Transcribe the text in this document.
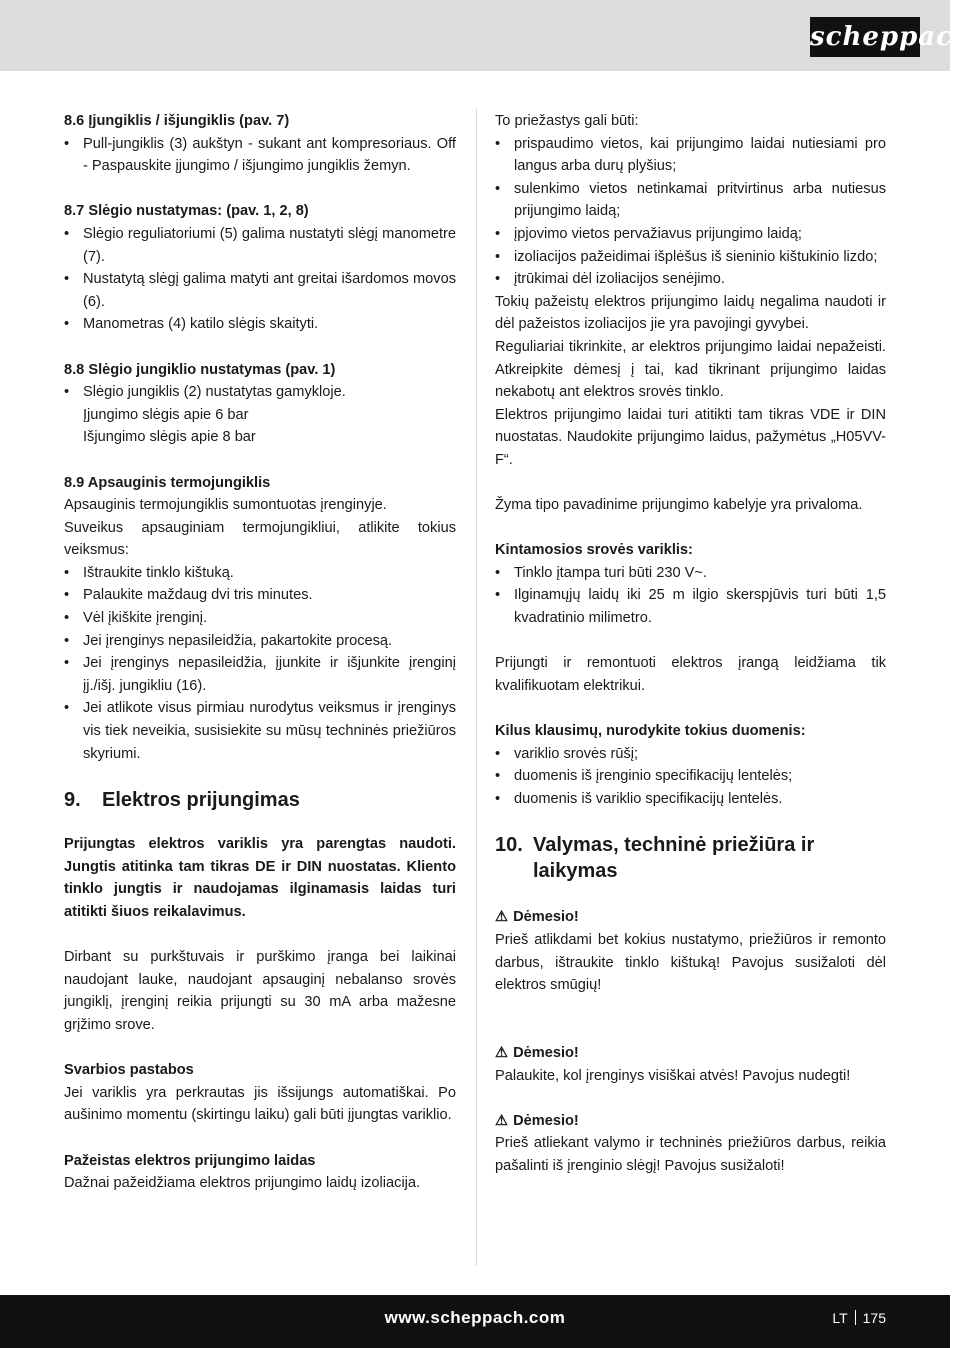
scheppach

8.6 Įjungiklis / išjungiklis (pav. 7)

• Pull-jungiklis (3) aukštyn - sukant ant kompresoriaus. Off - Paspauskite įjungimo / išjungimo jungiklis žemyn.

8.7 Slėgio nustatymas: (pav. 1, 2, 8)

• Slėgio reguliatoriumi (5) galima nustatyti slėgį manometre (7).
• Nustatytą slėgį galima matyti ant greitai išardomos movos (6).
• Manometras (4) katilo slėgis skaityti.

8.8 Slėgio jungiklio nustatymas (pav. 1)

• Slėgio jungiklis (2) nustatytas gamykloje.

Įjungimo slėgis apie 6 bar

Išjungimo slėgis apie 8 bar

8.9 Apsauginis termojungiklis

Apsauginis termojungiklis sumontuotas įrenginyje.

Suveikus apsauginiam termojungikliui, atlikite tokius veiksmus:

• Ištraukite tinklo kištuką.
• Palaukite maždaug dvi tris minutes.
• Vėl įkiškite įrenginį.
• Jei įrenginys nepasileidžia, pakartokite procesą.
• Jei įrenginys nepasileidžia, įjunkite ir išjunkite įrenginį įj./išj. jungikliu (16).
• Jei atlikote visus pirmiau nurodytus veiksmus ir įrenginys vis tiek neveikia, susisiekite su mūsų techninės priežiūros skyriumi.
9.	Elektros prijungimas

Prijungtas elektros variklis yra parengtas naudoti. Jungtis atitinka tam tikras DE ir DIN nuostatas. Kliento tinklo jungtis ir naudojamas ilginamasis laidas turi atitikti šiuos reikalavimus.

Dirbant su purkštuvais ir purškimo įranga bei laikinai naudojant lauke, naudojant apsauginį nebalanso srovės jungiklį, įrenginį reikia prijungti su 30 mA arba mažesne grįžimo srove.

Svarbios pastabos

Jei variklis yra perkrautas jis išsijungs automatiškai. Po aušinimo momentu (skirtingu laiku) gali būti įjungtas variklio.

Pažeistas elektros prijungimo laidas

Dažnai pažeidžiama elektros prijungimo laidų izoliacija.

To priežastys gali būti:

• prispaudimo vietos, kai prijungimo laidai nutiesiami pro langus arba durų plyšius;
• sulenkimo vietos netinkamai pritvirtinus arba nutiesus prijungimo laidą;
• įpjovimo vietos pervažiavus prijungimo laidą;
• izoliacijos pažeidimai išplėšus iš sieninio kištukinio lizdo;
• įtrūkimai dėl izoliacijos senėjimo.

Tokių pažeistų elektros prijungimo laidų negalima naudoti ir dėl pažeistos izoliacijos jie yra pavojingi gyvybei.

Reguliariai tikrinkite, ar elektros prijungimo laidai nepažeisti. Atkreipkite dėmesį į tai, kad tikrinant prijungimo laidas nekabotų ant elektros srovės tinklo.

Elektros prijungimo laidai turi atitikti tam tikras VDE ir DIN nuostatas. Naudokite prijungimo laidus, pažymėtus „H05VV-F“.

Žyma tipo pavadinime prijungimo kabelyje yra privaloma.

Kintamosios srovės variklis:

• Tinklo įtampa turi būti 230 V~.
• Ilginamųjų laidų iki 25 m ilgio skerspjūvis turi būti 1,5 kvadratinio milimetro.

Prijungti ir remontuoti elektros įrangą leidžiama tik kvalifikuotam elektrikui.

Kilus klausimų, nurodykite tokius duomenis:

• variklio srovės rūšį;
• duomenis iš įrenginio specifikacijų lentelės;
• duomenis iš variklio specifikacijų lentelės.
10. Valymas, techninė priežiūra ir laikymas

⚠ Dėmesio!

Prieš atlikdami bet kokius nustatymo, priežiūros ir remonto darbus, ištraukite tinklo kištuką! Pavojus susižaloti dėl elektros smūgių!

⚠ Dėmesio!

Palaukite, kol įrenginys visiškai atvės! Pavojus nudegti!

⚠ Dėmesio!

Prieš atliekant valymo ir techninės priežiūros darbus, reikia pašalinti iš įrenginio slėgį! Pavojus susižaloti!

www.scheppach.com	LT 175
